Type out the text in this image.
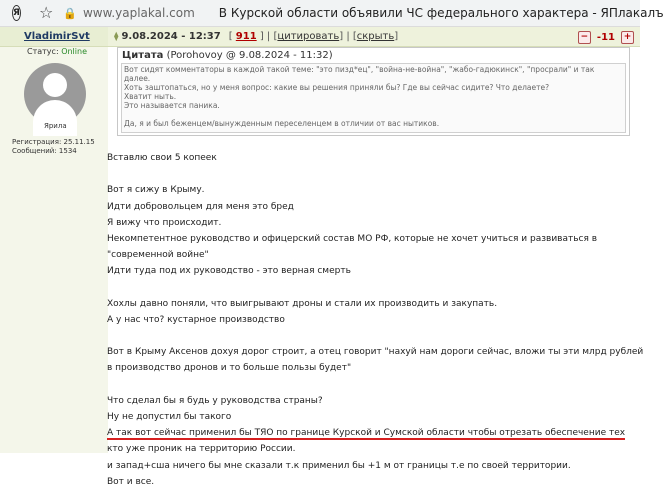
Я ☆ 🔒 www.yaplakal.com В Курской области объявили ЧС федерального характера - ЯПлакалъ
VladimirSvt	⧫ 9.08.2024 - 12:37 [ 911 ] | [ цитировать ] | [ скрыть ]	− -11 +
Статус: Online
Ярила
Регистрация: 25.11.15
Сообщений: 1534
Цитата (Porohovoy @ 9.08.2024 - 11:32)

Вот сидят комментаторы в каждой такой теме: "это пизд*ец", "война-не-война", "жабо-гадюкинск", "просрали" и так

далее.

Хоть заштопаться, но у меня вопрос: какие вы решения приняли бы? Где вы сейчас сидите? Что делаете?

Хватит ныть.

Это называется паника.

Да, я и был беженцем/вынужденным переселенцем в отличии от вас нытиков.

Вставлю свои 5 копеек
Вот я сижу в Крыму.
Идти добровольцем для меня это бред
Я вижу что происходит.
Некомпетентное руководство и офицерский состав МО РФ, которые не хочет учиться и развиваться в
"современной войне"
Идти туда под их руководство - это верная смерть
Хохлы давно поняли, что выигрывают дроны и стали их производить и закупать.
А у нас что? кустарное производство
Вот в Крыму Аксенов дохуя дорог строит, а отец говорит "нахуй нам дороги сейчас, вложи ты эти млрд рублей
в производство дронов и то больше пользы будет"
Что сделал бы я будь у руководства страны?
Ну не допустил бы такого
А так вот сейчас применил бы ТЯО по границе Курской и Сумской области чтобы отрезать обеспечение тех
кто уже проник на территорию России.
и запад+сша ничего бы мне сказали т.к применил бы +1 м от границы т.е по своей территории.
Вот и все.
